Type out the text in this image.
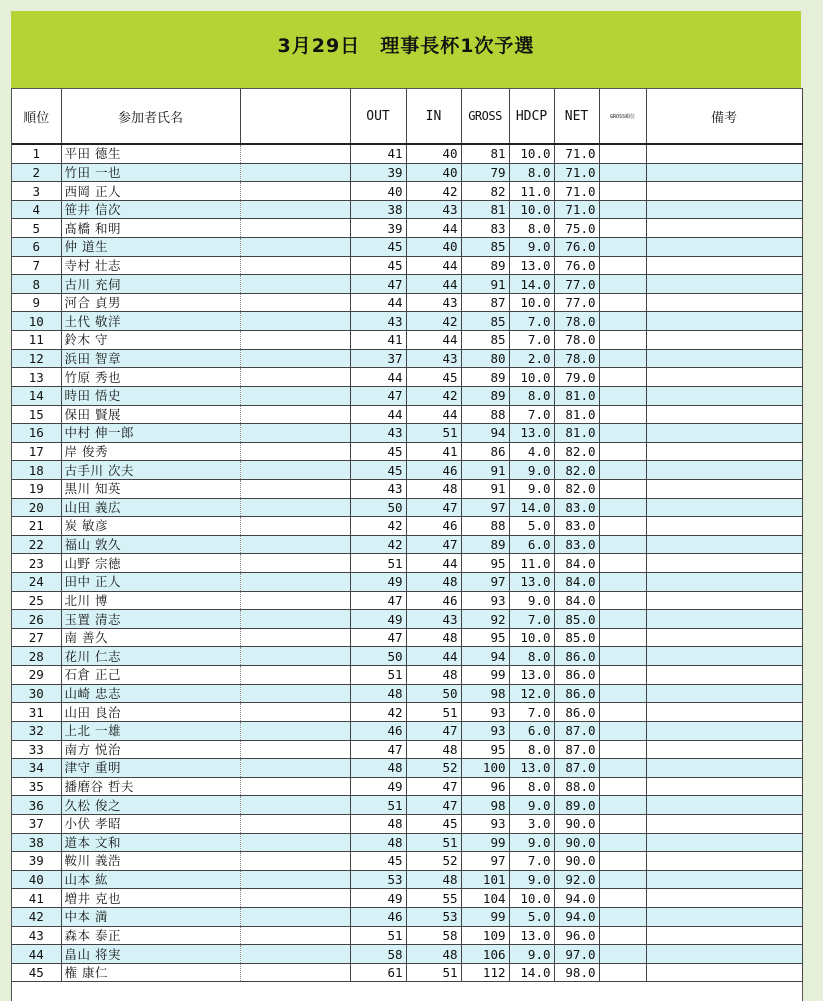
3月29日　理事長杯1次予選
順位	参加者氏名		OUT	IN	GROSS	HDCP	NET	GROSS順位	備考
1	平田 德生		41	40	81	10.0	71.0		
2	竹田 一也		39	40	79	8.0	71.0		
3	西岡 正人		40	42	82	11.0	71.0		
4	笹井 信次		38	43	81	10.0	71.0		
5	髙橋 和明		39	44	83	8.0	75.0		
6	仲 道生		45	40	85	9.0	76.0		
7	寺村 壮志		45	44	89	13.0	76.0		
8	古川 充伺		47	44	91	14.0	77.0		
9	河合 貞男		44	43	87	10.0	77.0		
10	土代 敬洋		43	42	85	7.0	78.0		
11	鈴木 守		41	44	85	7.0	78.0		
12	浜田 智章		37	43	80	2.0	78.0		
13	竹原 秀也		44	45	89	10.0	79.0		
14	時田 悟史		47	42	89	8.0	81.0		
15	保田 賢展		44	44	88	7.0	81.0		
16	中村 伸一郎		43	51	94	13.0	81.0		
17	岸 俊秀		45	41	86	4.0	82.0		
18	古手川 次夫		45	46	91	9.0	82.0		
19	黒川 知英		43	48	91	9.0	82.0		
20	山田 義広		50	47	97	14.0	83.0		
21	炭 敏彦		42	46	88	5.0	83.0		
22	福山 敦久		42	47	89	6.0	83.0		
23	山野 宗徳		51	44	95	11.0	84.0		
24	田中 正人		49	48	97	13.0	84.0		
25	北川 博		47	46	93	9.0	84.0		
26	玉置 清志		49	43	92	7.0	85.0		
27	南 善久		47	48	95	10.0	85.0		
28	花川 仁志		50	44	94	8.0	86.0		
29	石倉 正己		51	48	99	13.0	86.0		
30	山崎 忠志		48	50	98	12.0	86.0		
31	山田 良治		42	51	93	7.0	86.0		
32	上北 一雄		46	47	93	6.0	87.0		
33	南方 悦治		47	48	95	8.0	87.0		
34	津守 重明		48	52	100	13.0	87.0		
35	播磨谷 哲夫		49	47	96	8.0	88.0		
36	久松 俊之		51	47	98	9.0	89.0		
37	小伏 孝昭		48	45	93	3.0	90.0		
38	道本 文和		48	51	99	9.0	90.0		
39	鞍川 義浩		45	52	97	7.0	90.0		
40	山本 紘		53	48	101	9.0	92.0		
41	増井 克也		49	55	104	10.0	94.0		
42	中本 満		46	53	99	5.0	94.0		
43	森本 泰正		51	58	109	13.0	96.0		
44	畠山 将実		58	48	106	9.0	97.0		
45	権 康仁		61	51	112	14.0	98.0		
